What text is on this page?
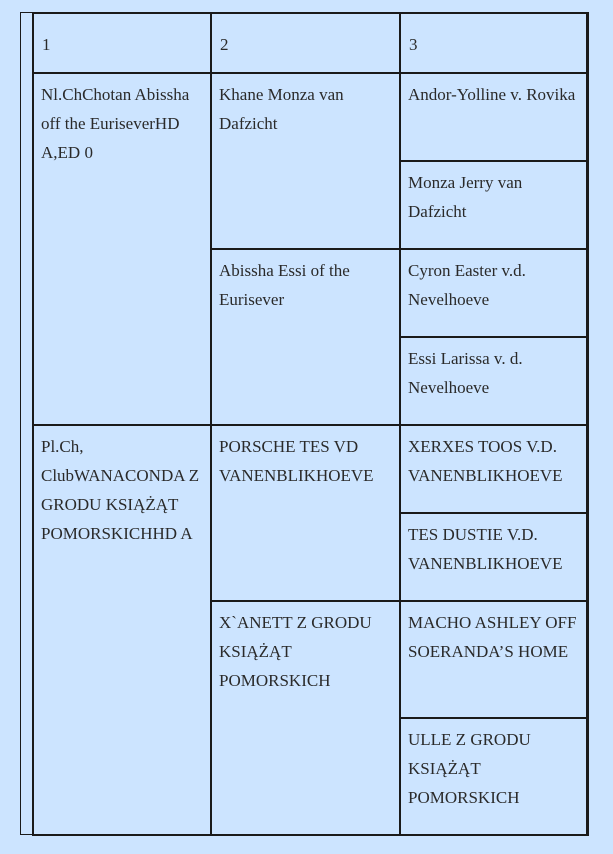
1	2	3

Nl.ChChotan Abissha off the EuriseverHD A,ED 0	Khane Monza van Dafzicht	Andor-Yolline v. Rovika

		Monza Jerry van Dafzicht

	Abissha Essi of the Eurisever	Cyron Easter v.d. Nevelhoeve

		Essi Larissa v. d. Nevelhoeve

Pl.Ch, ClubWANACONDA Z GRODU KSIĄŻĄT POMORSKICHHD A	PORSCHE TES VD VANENBLIKHOEVE	XERXES TOOS V.D. VANENBLIKHOEVE

		TES DUSTIE V.D. VANENBLIKHOEVE

	X`ANETT Z GRODU KSIĄŻĄT POMORSKICH	MACHO ASHLEY OFF SOERANDA’S HOME

		ULLE Z GRODU KSIĄŻĄT POMORSKICH
